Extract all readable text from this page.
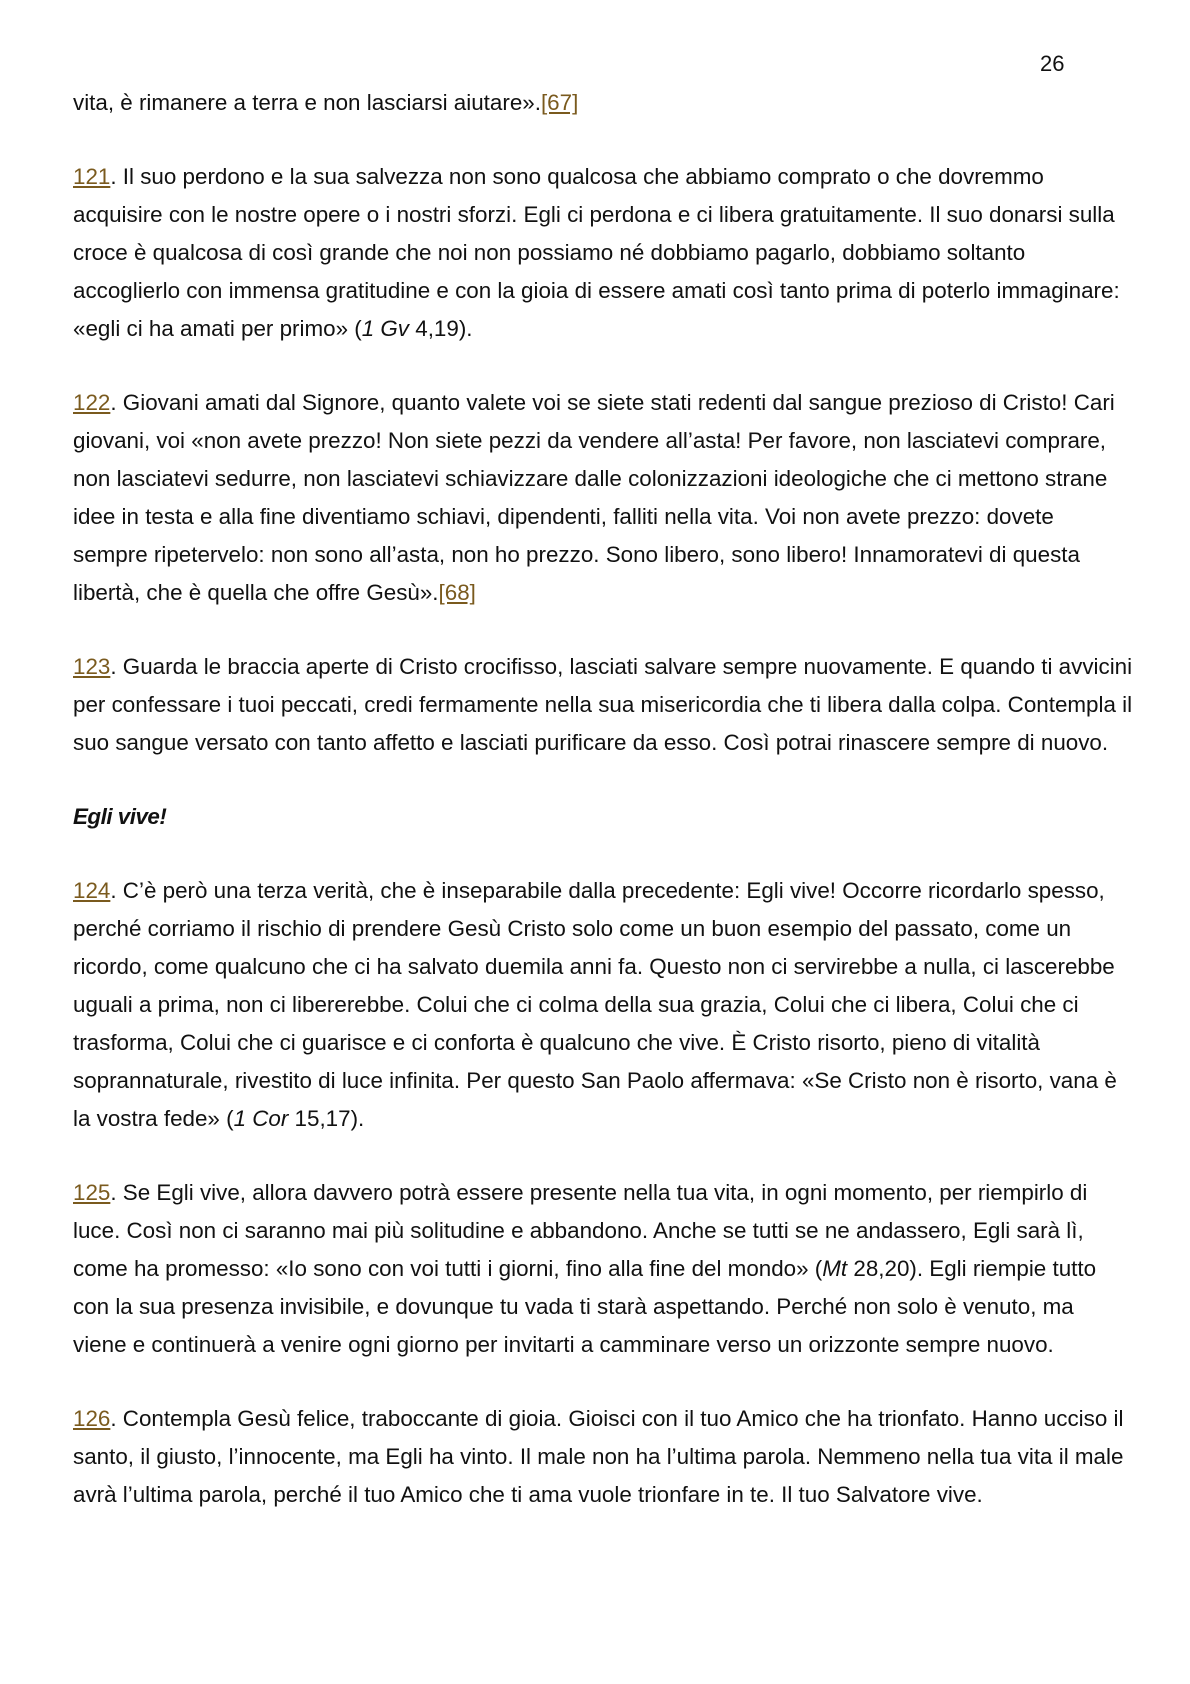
26

vita, è rimanere a terra e non lasciarsi aiutare».[67]

121. Il suo perdono e la sua salvezza non sono qualcosa che abbiamo comprato o che dovremmo acquisire con le nostre opere o i nostri sforzi. Egli ci perdona e ci libera gratuitamente. Il suo donarsi sulla croce è qualcosa di così grande che noi non possiamo né dobbiamo pagarlo, dobbiamo soltanto accoglierlo con immensa gratitudine e con la gioia di essere amati così tanto prima di poterlo immaginare: «egli ci ha amati per primo» (1 Gv 4,19).

122. Giovani amati dal Signore, quanto valete voi se siete stati redenti dal sangue prezioso di Cristo! Cari giovani, voi «non avete prezzo! Non siete pezzi da vendere all’asta! Per favore, non lasciatevi comprare, non lasciatevi sedurre, non lasciatevi schiavizzare dalle colonizzazioni ideologiche che ci mettono strane idee in testa e alla fine diventiamo schiavi, dipendenti, falliti nella vita. Voi non avete prezzo: dovete sempre ripetervelo: non sono all’asta, non ho prezzo. Sono libero, sono libero! Innamoratevi di questa libertà, che è quella che offre Gesù».[68]

123. Guarda le braccia aperte di Cristo crocifisso, lasciati salvare sempre nuovamente. E quando ti avvicini per confessare i tuoi peccati, credi fermamente nella sua misericordia che ti libera dalla colpa. Contempla il suo sangue versato con tanto affetto e lasciati purificare da esso. Così potrai rinascere sempre di nuovo.

Egli vive!

124. C’è però una terza verità, che è inseparabile dalla precedente: Egli vive! Occorre ricordarlo spesso, perché corriamo il rischio di prendere Gesù Cristo solo come un buon esempio del passato, come un ricordo, come qualcuno che ci ha salvato duemila anni fa. Questo non ci servirebbe a nulla, ci lascerebbe uguali a prima, non ci libererebbe. Colui che ci colma della sua grazia, Colui che ci libera, Colui che ci trasforma, Colui che ci guarisce e ci conforta è qualcuno che vive. È Cristo risorto, pieno di vitalità soprannaturale, rivestito di luce infinita. Per questo San Paolo affermava: «Se Cristo non è risorto, vana è la vostra fede» (1 Cor 15,17).

125. Se Egli vive, allora davvero potrà essere presente nella tua vita, in ogni momento, per riempirlo di luce. Così non ci saranno mai più solitudine e abbandono. Anche se tutti se ne andassero, Egli sarà lì, come ha promesso: «Io sono con voi tutti i giorni, fino alla fine del mondo» (Mt 28,20). Egli riempie tutto con la sua presenza invisibile, e dovunque tu vada ti starà aspettando. Perché non solo è venuto, ma viene e continuerà a venire ogni giorno per invitarti a camminare verso un orizzonte sempre nuovo.

126. Contempla Gesù felice, traboccante di gioia. Gioisci con il tuo Amico che ha trionfato. Hanno ucciso il santo, il giusto, l’innocente, ma Egli ha vinto. Il male non ha l’ultima parola. Nemmeno nella tua vita il male avrà l’ultima parola, perché il tuo Amico che ti ama vuole trionfare in te. Il tuo Salvatore vive.
